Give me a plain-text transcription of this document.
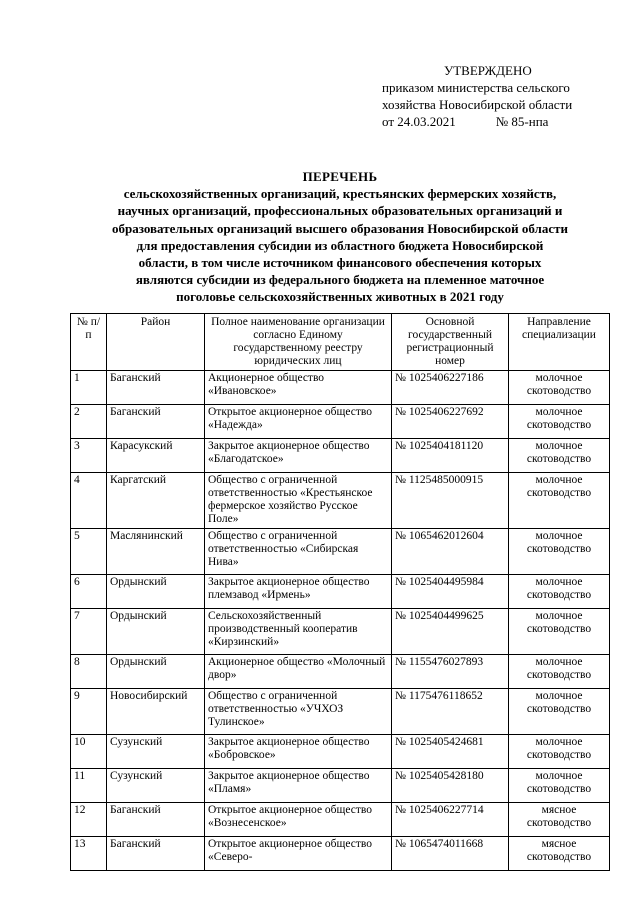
УТВЕРЖДЕНО
приказом министерства сельского
хозяйства Новосибирской области
от 24.03.2021	№ 85-нпа
ПЕРЕЧЕНЬ
сельскохозяйственных организаций, крестьянских фермерских хозяйств,
научных организаций, профессиональных образовательных организаций и
образовательных организаций высшего образования Новосибирской области
для предоставления субсидии из областного бюджета Новосибирской
области, в том числе источником финансового обеспечения которых
являются субсидии из федерального бюджета на племенное маточное
поголовье сельскохозяйственных животных в 2021 году
№ п/п	Район	Полное наименование организации согласно Единому государственному реестру юридических лиц	Основной государственный регистрационный номер	Направление специализации
1	Баганский	Акционерное общество «Ивановское»	№ 1025406227186	молочное скотоводство
2	Баганский	Открытое акционерное общество «Надежда»	№ 1025406227692	молочное скотоводство
3	Карасукский	Закрытое акционерное общество «Благодатское»	№ 1025404181120	молочное скотоводство
4	Каргатский	Общество с ограниченной ответственностью «Крестьянское фермерское хозяйство Русское Поле»	№ 1125485000915	молочное скотоводство
5	Маслянинский	Общество с ограниченной ответственностью «Сибирская Нива»	№ 1065462012604	молочное скотоводство
6	Ордынский	Закрытое акционерное общество племзавод «Ирмень»	№ 1025404495984	молочное скотоводство
7	Ордынский	Сельскохозяйственный производственный кооператив «Кирзинский»	№ 1025404499625	молочное скотоводство
8	Ордынский	Акционерное общество «Молочный двор»	№ 1155476027893	молочное скотоводство
9	Новосибирский	Общество с ограниченной ответственностью «УЧХОЗ Тулинское»	№ 1175476118652	молочное скотоводство
10	Сузунский	Закрытое акционерное общество «Бобровское»	№ 1025405424681	молочное скотоводство
11	Сузунский	Закрытое акционерное общество «Пламя»	№ 1025405428180	молочное скотоводство
12	Баганский	Открытое акционерное общество «Вознесенское»	№ 1025406227714	мясное скотоводство
13	Баганский	Открытое акционерное общество «Северо-	№ 1065474011668	мясное скотоводство
